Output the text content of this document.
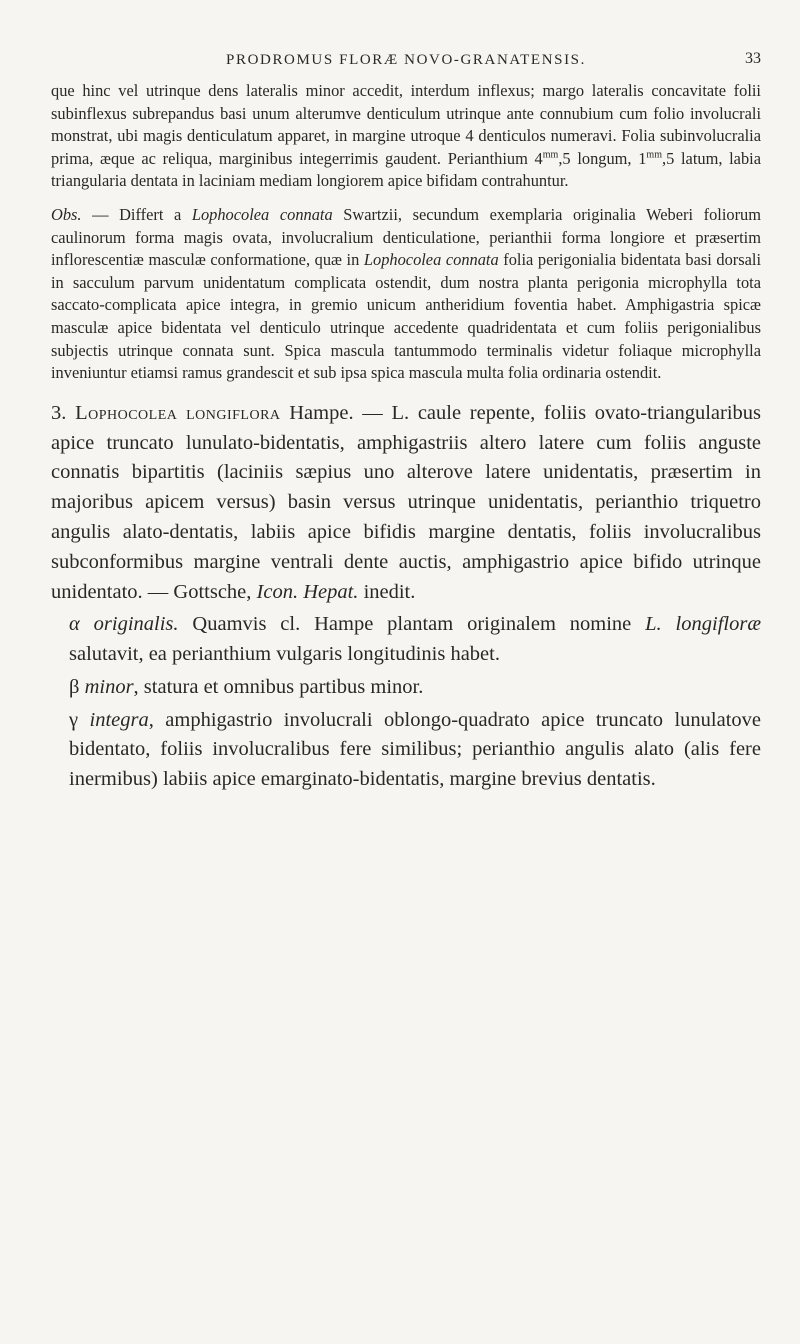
PRODROMUS FLORÆ NOVO-GRANATENSIS.	33

que hinc vel utrinque dens lateralis minor accedit, interdum inflexus; margo lateralis concavitate folii subinflexus subrepandus basi unum alterumve denticulum utrinque ante connubium cum folio involucrali monstrat, ubi magis denticulatum apparet, in margine utroque 4 denticulos numeravi. Folia subinvolucralia prima, æque ac reliqua, marginibus integerrimis gaudent. Perianthium $4^{mm},5$ longum, $1^{mm},5$ latum, labia triangularia dentata in laciniam mediam longiorem apice bifidam contrahuntur.

Obs. — Differt a Lophocolea connata Swartzii, secundum exemplaria originalia Weberi foliorum caulinorum forma magis ovata, involucralium denticulatione, perianthii forma longiore et præsertim inflorescentiæ masculæ conformatione, quæ in Lophocolea connata folia perigonialia bidentata basi dorsali in sacculum parvum unidentatum complicata ostendit, dum nostra planta perigonia microphylla tota saccato-complicata apice integra, in gremio unicum antheridium foventia habet. Amphigastria spicæ masculæ apice bidentata vel denticulo utrinque accedente quadridentata et cum foliis perigonialibus subjectis utrinque connata sunt. Spica mascula tantummodo terminalis videtur foliaque microphylla inveniuntur etiamsi ramus grandescit et sub ipsa spica mascula multa folia ordinaria ostendit.

3. Lophocolea longiflora Hampe. — L. caule repente, foliis ovato-triangularibus apice truncato lunulato-bidentatis, amphigastriis altero latere cum foliis anguste connatis bipartitis (laciniis sæpius uno alterove latere unidentatis, præsertim in majoribus apicem versus) basin versus utrinque unidentatis, perianthio triquetro angulis alato-dentatis, labiis apice bifidis margine dentatis, foliis involucralibus subconformibus margine ventrali dente auctis, amphigastrio apice bifido utrinque unidentato. — Gottsche, Icon. Hepat. inedit.

α originalis. Quamvis cl. Hampe plantam originalem nomine L. longifloræ salutavit, ea perianthium vulgaris longitudinis habet.

β minor, statura et omnibus partibus minor.

γ integra, amphigastrio involucrali oblongo-quadrato apice truncato lunulatove bidentato, foliis involucralibus fere similibus; perianthio angulis alato (alis fere inermibus) labiis apice emarginato-bidentatis, margine brevius dentatis.
